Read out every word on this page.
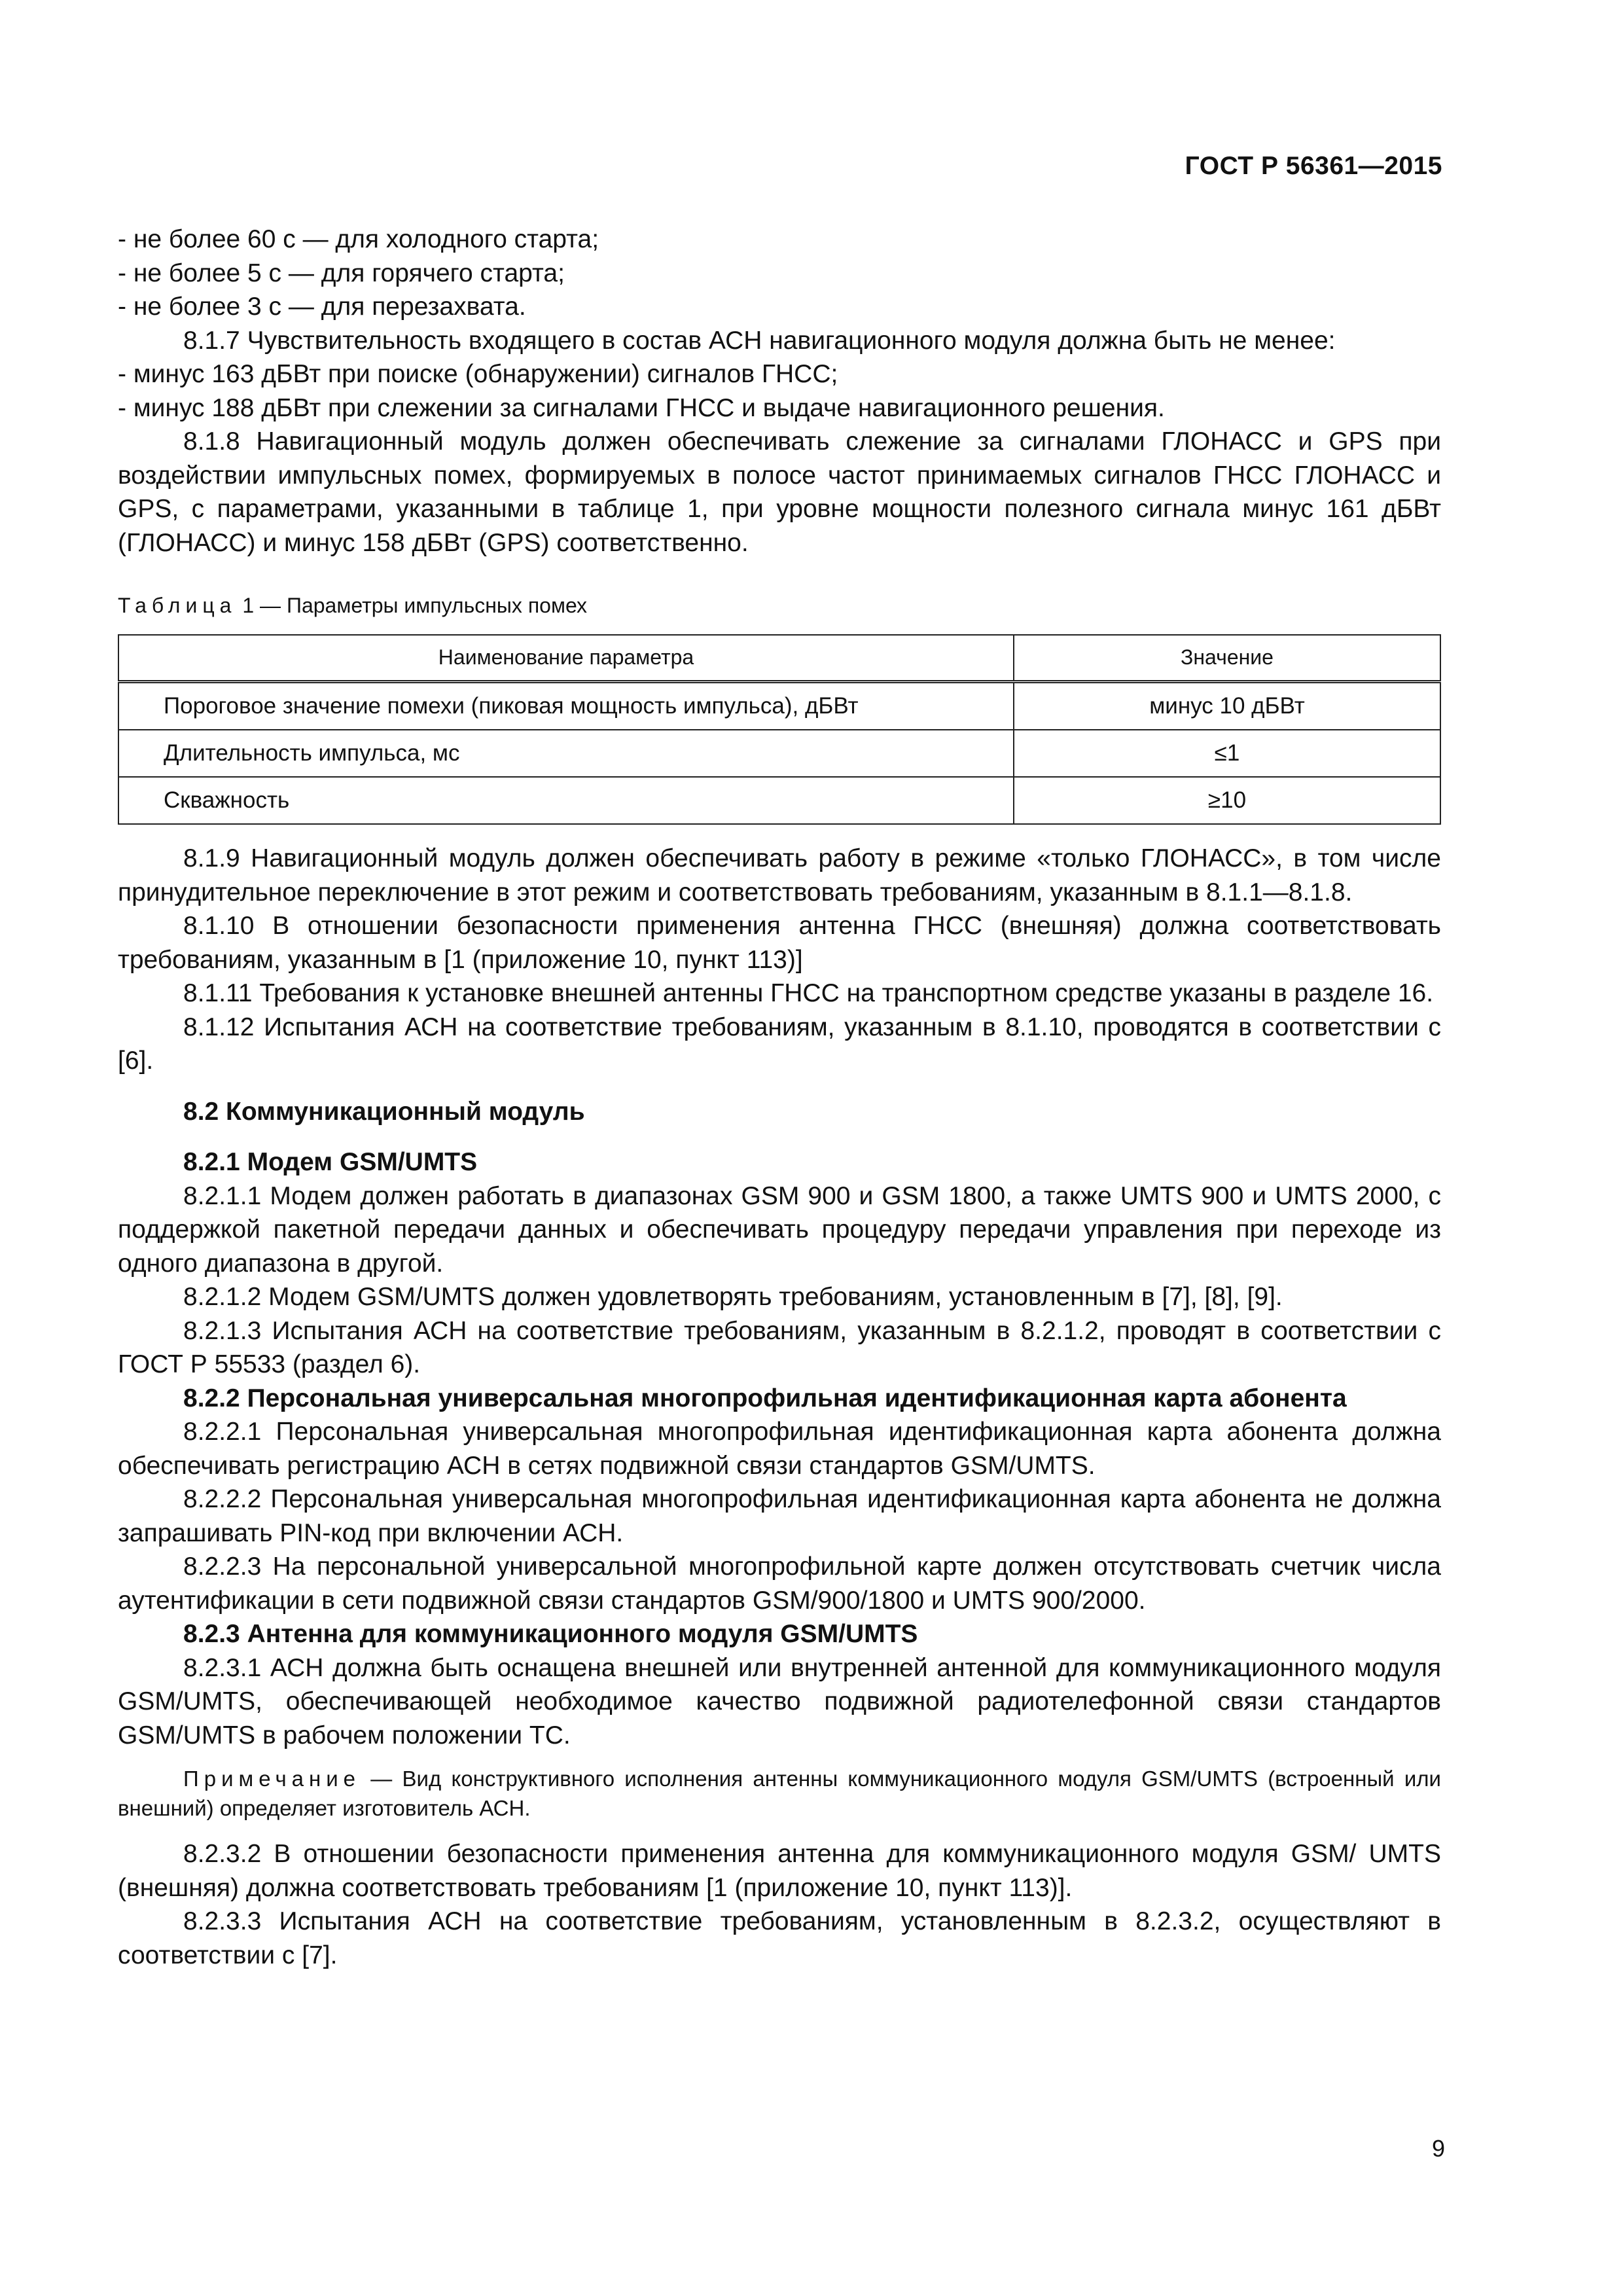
ГОСТ Р 56361—2015

- не более 60 с — для холодного старта;

- не более 5 с — для горячего старта;

- не более 3 с — для перезахвата.

8.1.7 Чувствительность входящего в состав АСН навигационного модуля должна быть не менее:

- минус 163 дБВт при поиске (обнаружении) сигналов ГНСС;

- минус 188 дБВт при слежении за сигналами ГНСС и выдаче навигационного решения.

8.1.8 Навигационный модуль должен обеспечивать слежение за сигналами ГЛОНАСС и GPS при воздействии импульсных помех, формируемых в полосе частот принимаемых сигналов ГНСС ГЛОНАСС и GPS, с параметрами, указанными в таблице 1, при уровне мощности полезного сигнала минус 161 дБВт (ГЛОНАСС) и минус 158 дБВт (GPS) соответственно.

Таблица 1 — Параметры импульсных помех

Наименование параметра	Значение
Пороговое значение помехи (пиковая мощность импульса), дБВт	минус 10 дБВт
Длительность импульса, мс	≤1
Скважность	≥10

8.1.9 Навигационный модуль должен обеспечивать работу в режиме «только ГЛОНАСС», в том числе принудительное переключение в этот режим и соответствовать требованиям, указанным в 8.1.1—8.1.8.

8.1.10 В отношении безопасности применения антенна ГНСС (внешняя) должна соответствовать требованиям, указанным в [1 (приложение 10, пункт 113)]

8.1.11 Требования к установке внешней антенны ГНСС на транспортном средстве указаны в разделе 16.

8.1.12 Испытания АСН на соответствие требованиям, указанным в 8.1.10, проводятся в соответствии с [6].

8.2 Коммуникационный модуль

8.2.1 Модем GSM/UMTS

8.2.1.1 Модем должен работать в диапазонах GSM 900 и GSM 1800, а также UMTS 900 и UMTS 2000, с поддержкой пакетной передачи данных и обеспечивать процедуру передачи управления при переходе из одного диапазона в другой.

8.2.1.2 Модем GSM/UMTS должен удовлетворять требованиям, установленным в [7], [8], [9].

8.2.1.3 Испытания АСН на соответствие требованиям, указанным в 8.2.1.2, проводят в соответствии с ГОСТ Р 55533 (раздел 6).

8.2.2 Персональная универсальная многопрофильная идентификационная карта абонента

8.2.2.1 Персональная универсальная многопрофильная идентификационная карта абонента должна обеспечивать регистрацию АСН в сетях подвижной связи стандартов GSM/UMTS.

8.2.2.2 Персональная универсальная многопрофильная идентификационная карта абонента не должна запрашивать PIN-код при включении АСН.

8.2.2.3 На персональной универсальной многопрофильной карте должен отсутствовать счетчик числа аутентификации в сети подвижной связи стандартов GSM/900/1800 и UMTS 900/2000.

8.2.3 Антенна для коммуникационного модуля GSM/UMTS

8.2.3.1 АСН должна быть оснащена внешней или внутренней антенной для коммуникационного модуля GSM/UMTS, обеспечивающей необходимое качество подвижной радиотелефонной связи стандартов GSM/UMTS в рабочем положении ТС.

Примечание — Вид конструктивного исполнения антенны коммуникационного модуля GSM/UMTS (встроенный или внешний) определяет изготовитель АСН.

8.2.3.2 В отношении безопасности применения антенна для коммуникационного модуля GSM/ UMTS (внешняя) должна соответствовать требованиям [1 (приложение 10, пункт 113)].

8.2.3.3 Испытания АСН на соответствие требованиям, установленным в 8.2.3.2, осуществляют в соответствии с [7].

9
